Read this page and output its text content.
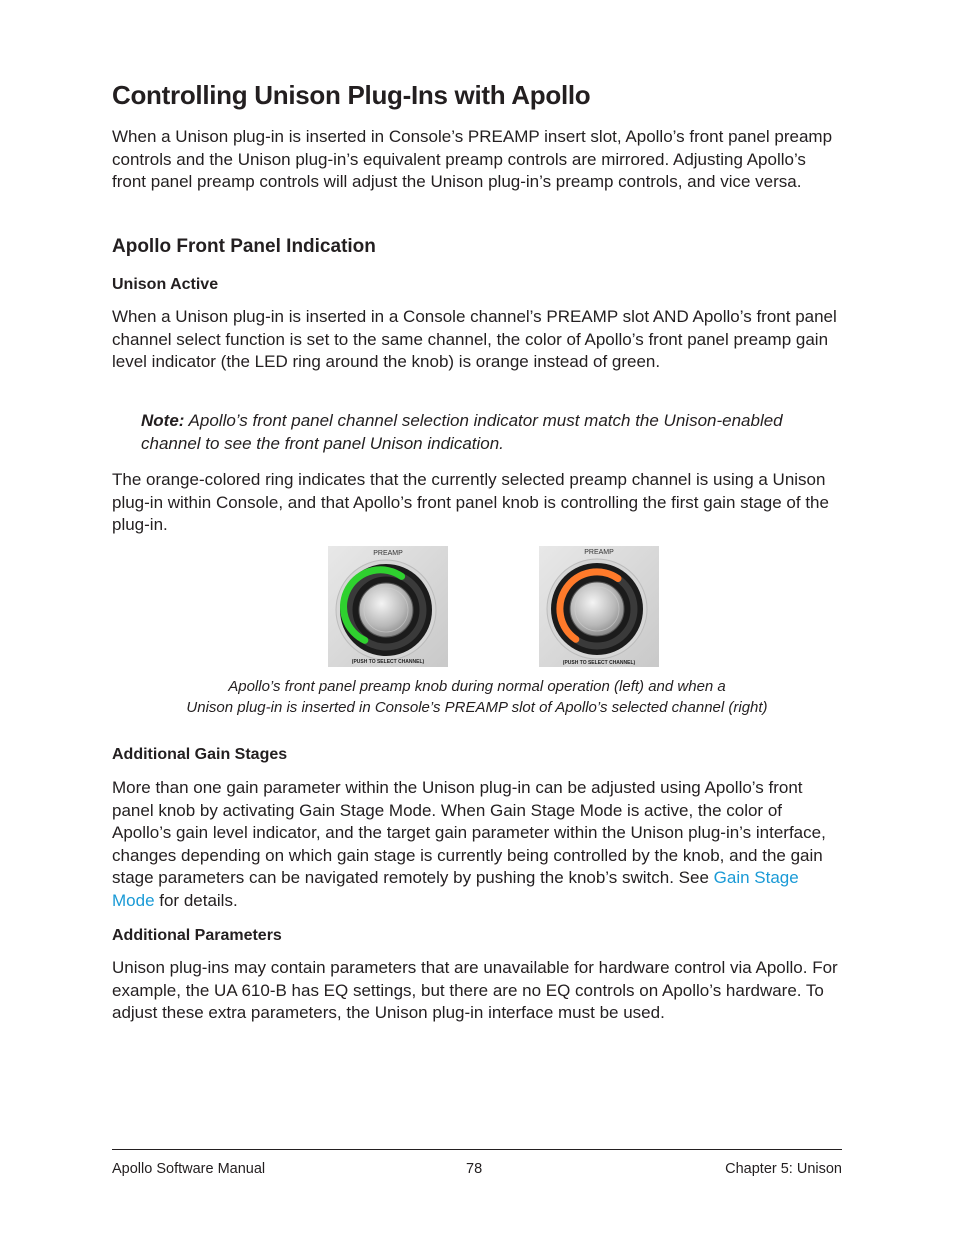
Controlling Unison Plug-Ins with Apollo

When a Unison plug-in is inserted in Console’s PREAMP insert slot, Apollo’s front panel preamp controls and the Unison plug-in’s equivalent preamp controls are mirrored. Adjusting Apollo’s front panel preamp controls will adjust the Unison plug-in’s preamp controls, and vice versa.

Apollo Front Panel Indication
Unison Active

When a Unison plug-in is inserted in a Console channel’s PREAMP slot AND Apollo’s front panel channel select function is set to the same channel, the color of Apollo’s front panel preamp gain level indicator (the LED ring around the knob) is orange instead of green.

Note: Apollo’s front panel channel selection indicator must match the Unison-enabled channel to see the front panel Unison indication.

The orange-colored ring indicates that the currently selected preamp channel is using a Unison plug-in within Console, and that Apollo’s front panel knob is controlling the first gain stage of the plug-in.

PREAMP
(PUSH TO SELECT CHANNEL)
PREAMP
(PUSH TO SELECT CHANNEL)
Apollo’s front panel preamp knob during normal operation (left) and when a
Unison plug-in is inserted in Console’s PREAMP slot of Apollo’s selected channel (right)
Additional Gain Stages

More than one gain parameter within the Unison plug-in can be adjusted using Apollo’s front panel knob by activating Gain Stage Mode. When Gain Stage Mode is active, the color of Apollo’s gain level indicator, and the target gain parameter within the Unison plug-in’s interface, changes depending on which gain stage is currently being controlled by the knob, and the gain stage parameters can be navigated remotely by pushing the knob’s switch. See Gain Stage Mode for details.

Additional Parameters

Unison plug-ins may contain parameters that are unavailable for hardware control via Apollo. For example, the UA 610-B has EQ settings, but there are no EQ controls on Apollo’s hardware. To adjust these extra parameters, the Unison plug-in interface must be used.

Apollo Software Manual	78	Chapter 5: Unison
